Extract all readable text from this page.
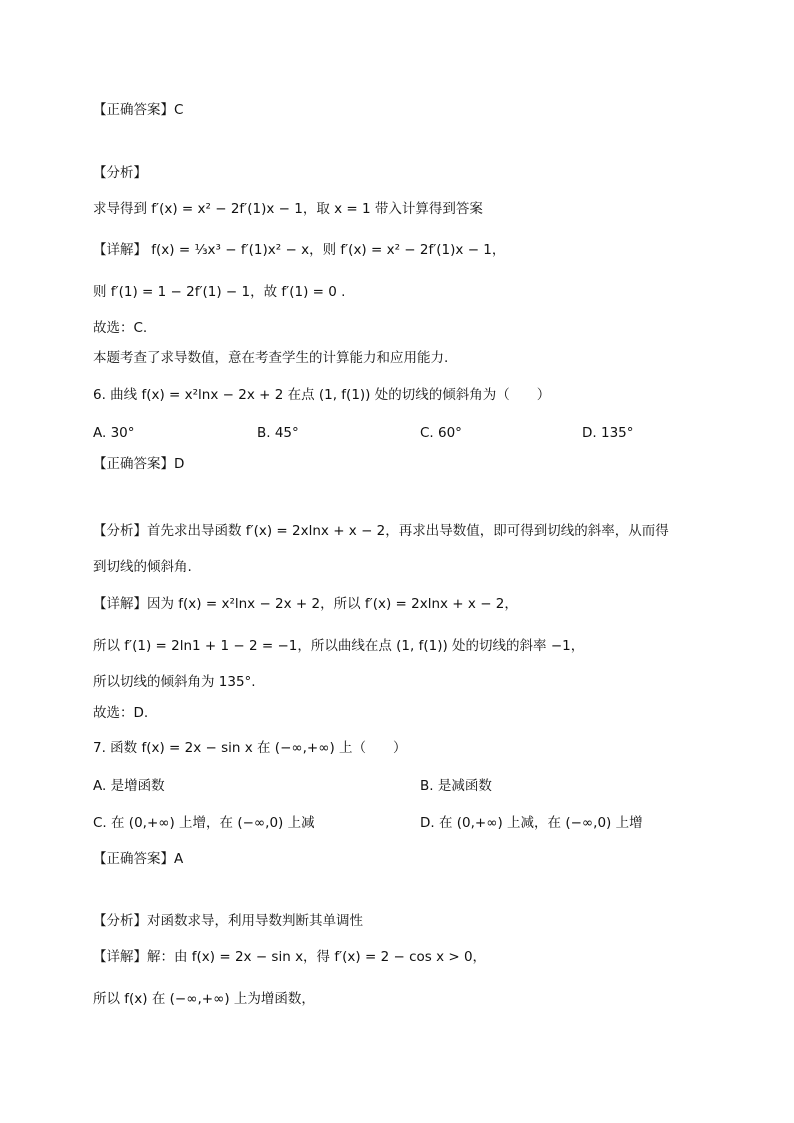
【正确答案】C
【分析】
求导得到 f′(x) = x² − 2f′(1)x − 1，取 x = 1 带入计算得到答案
【详解】 f(x) = ⅓x³ − f′(1)x² − x，则 f′(x) = x² − 2f′(1)x − 1，
则 f′(1) = 1 − 2f′(1) − 1，故 f′(1) = 0 .
故选：C.
本题考查了求导数值，意在考查学生的计算能力和应用能力.
6. 曲线 f(x) = x²lnx − 2x + 2 在点 (1, f(1)) 处的切线的倾斜角为（　　）
A. 30°	B. 45°	C. 60°	D. 135°
【正确答案】D
【分析】首先求出导函数 f′(x) = 2xlnx + x − 2，再求出导数值，即可得到切线的斜率，从而得
到切线的倾斜角.
【详解】因为 f(x) = x²lnx − 2x + 2，所以 f′(x) = 2xlnx + x − 2，
所以 f′(1) = 2ln1 + 1 − 2 = −1，所以曲线在点 (1, f(1)) 处的切线的斜率 −1，
所以切线的倾斜角为 135°.
故选：D.
7. 函数 f(x) = 2x − sin x 在 (−∞,+∞) 上（　　）
A. 是增函数	B. 是减函数
C. 在 (0,+∞) 上增，在 (−∞,0) 上减	D. 在 (0,+∞) 上减，在 (−∞,0) 上增
【正确答案】A
【分析】对函数求导，利用导数判断其单调性
【详解】解：由 f(x) = 2x − sin x，得 f′(x) = 2 − cos x > 0，
所以 f(x) 在 (−∞,+∞) 上为增函数，
